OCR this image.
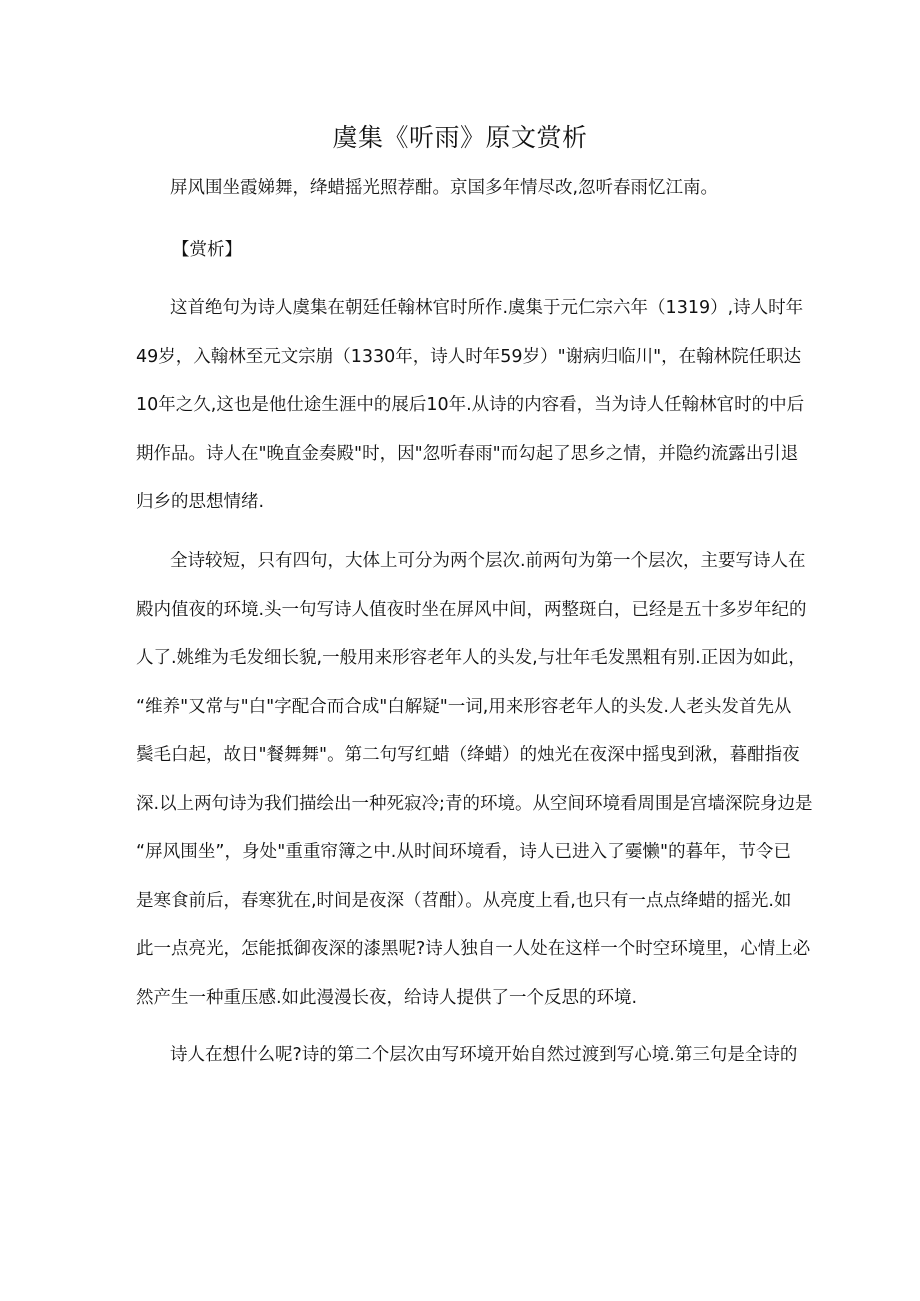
虞集《听雨》原文赏析

屏风围坐霞娣舞，绛蜡摇光照荐酣。京国多年情尽改,忽听春雨忆江南。

【赏析】

这首绝句为诗人虞集在朝廷任翰林官时所作.虞集于元仁宗六年（1319）,诗人时年
49岁，入翰林至元文宗崩（1330年，诗人时年59岁）"谢病归临川"，在翰林院任职达
10年之久,这也是他仕途生涯中的展后10年.从诗的内容看，当为诗人任翰林官时的中后
期作品。诗人在"晚直金奏殿"时，因"忽听春雨"而勾起了思乡之情，并隐约流露出引退
归乡的思想情绪.
全诗较短，只有四句，大体上可分为两个层次.前两句为第一个层次，主要写诗人在
殿内值夜的环境.头一句写诗人值夜时坐在屏风中间，两整斑白，已经是五十多岁年纪的
人了.姚维为毛发细长貌,一般用来形容老年人的头发,与壮年毛发黑粗有别.正因为如此，
“维养"又常与"白"字配合而合成"白解疑"一词,用来形容老年人的头发.人老头发首先从
鬓毛白起，故日"餐舞舞"。第二句写红蜡（绛蜡）的烛光在夜深中摇曳到湫，暮酣指夜
深.以上两句诗为我们描绘出一种死寂冷;青的环境。从空间环境看周围是宫墙深院身边是
“屏风围坐”，身处"重重帘簿之中.从时间环境看，诗人已进入了孁懒"的暮年，节令已
是寒食前后，春寒犹在,时间是夜深（苕酣）。从亮度上看,也只有一点点绛蜡的摇光.如
此一点亮光，怎能抵御夜深的漆黑呢?诗人独自一人处在这样一个时空环境里，心情上必
然产生一种重压感.如此漫漫长夜，给诗人提供了一个反思的环境.
诗人在想什么呢?诗的第二个层次由写环境开始自然过渡到写心境.第三句是全诗的
